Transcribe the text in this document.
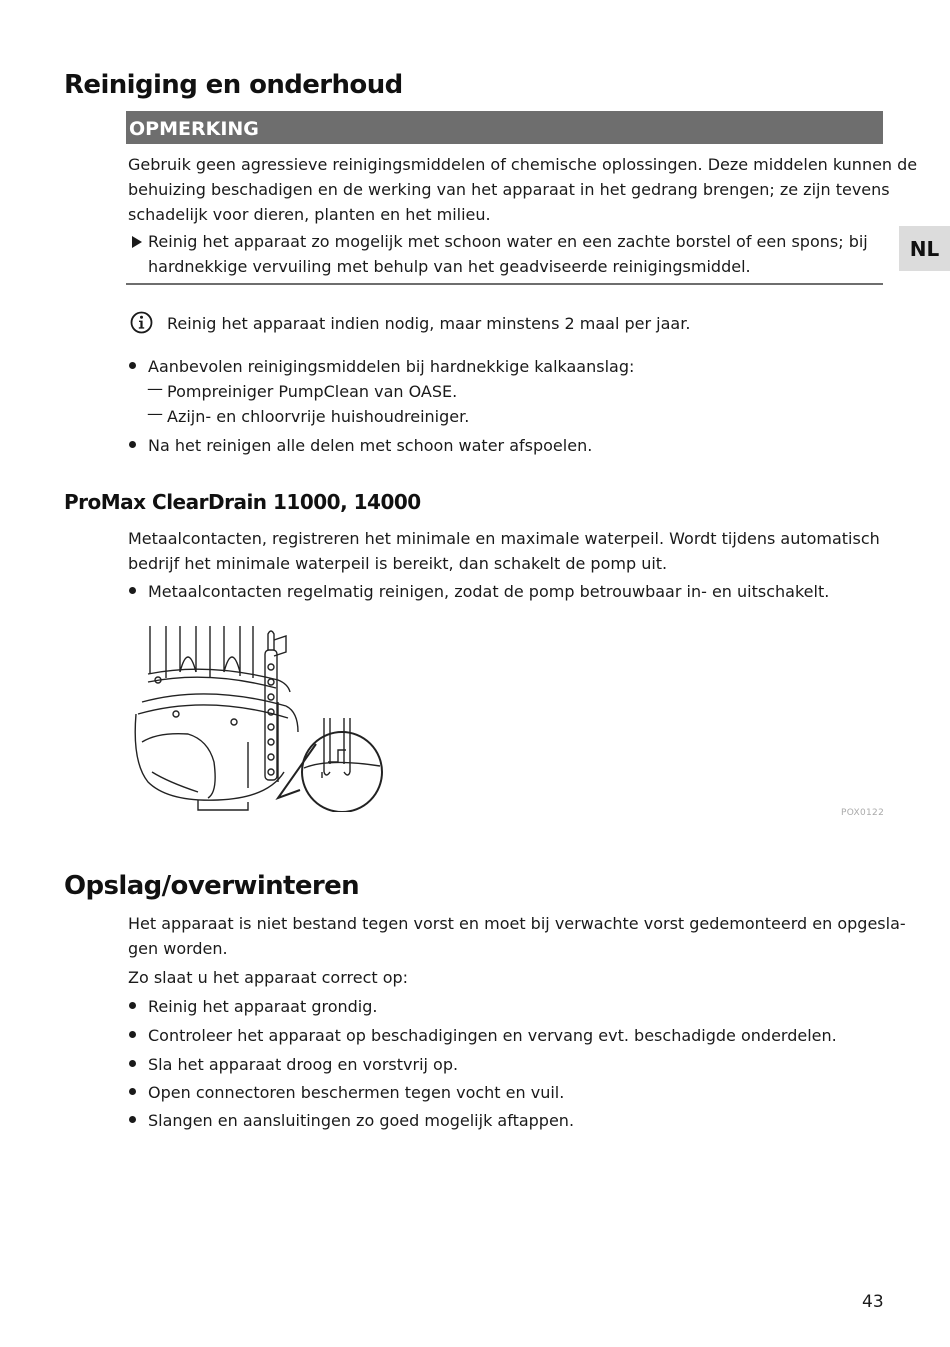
Reiniging en onderhoud
OPMERKING

Gebruik geen agressieve reinigingsmiddelen of chemische oplossingen. Deze middelen kunnen de

behuizing beschadigen en de werking van het apparaat in het gedrang brengen; ze zijn tevens

schadelijk voor dieren, planten en het milieu.

Reinig het apparaat zo mogelijk met schoon water en een zachte borstel of een spons; bij

hardnekkige vervuiling met behulp van het geadviseerde reinigingsmiddel.

NL

Reinig het apparaat indien nodig, maar minstens 2 maal per jaar.

Aanbevolen reinigingsmiddelen bij hardnekkige kalkaanslag:

— Pompreiniger PumpClean van OASE.

— Azijn- en chloorvrije huishoudreiniger.

Na het reinigen alle delen met schoon water afspoelen.

ProMax ClearDrain 11000, 14000

Metaalcontacten, registreren het minimale en maximale waterpeil. Wordt tijdens automatisch

bedrijf het minimale waterpeil is bereikt, dan schakelt de pomp uit.

Metaalcontacten regelmatig reinigen, zodat de pomp betrouwbaar in- en uitschakelt.

POX0122
Opslag/overwinteren

Het apparaat is niet bestand tegen vorst en moet bij verwachte vorst gedemonteerd en opgesla-

gen worden.

Zo slaat u het apparaat correct op:

Reinig het apparaat grondig.

Controleer het apparaat op beschadigingen en vervang evt. beschadigde onderdelen.

Sla het apparaat droog en vorstvrij op.

Open connectoren beschermen tegen vocht en vuil.

Slangen en aansluitingen zo goed mogelijk aftappen.

43
